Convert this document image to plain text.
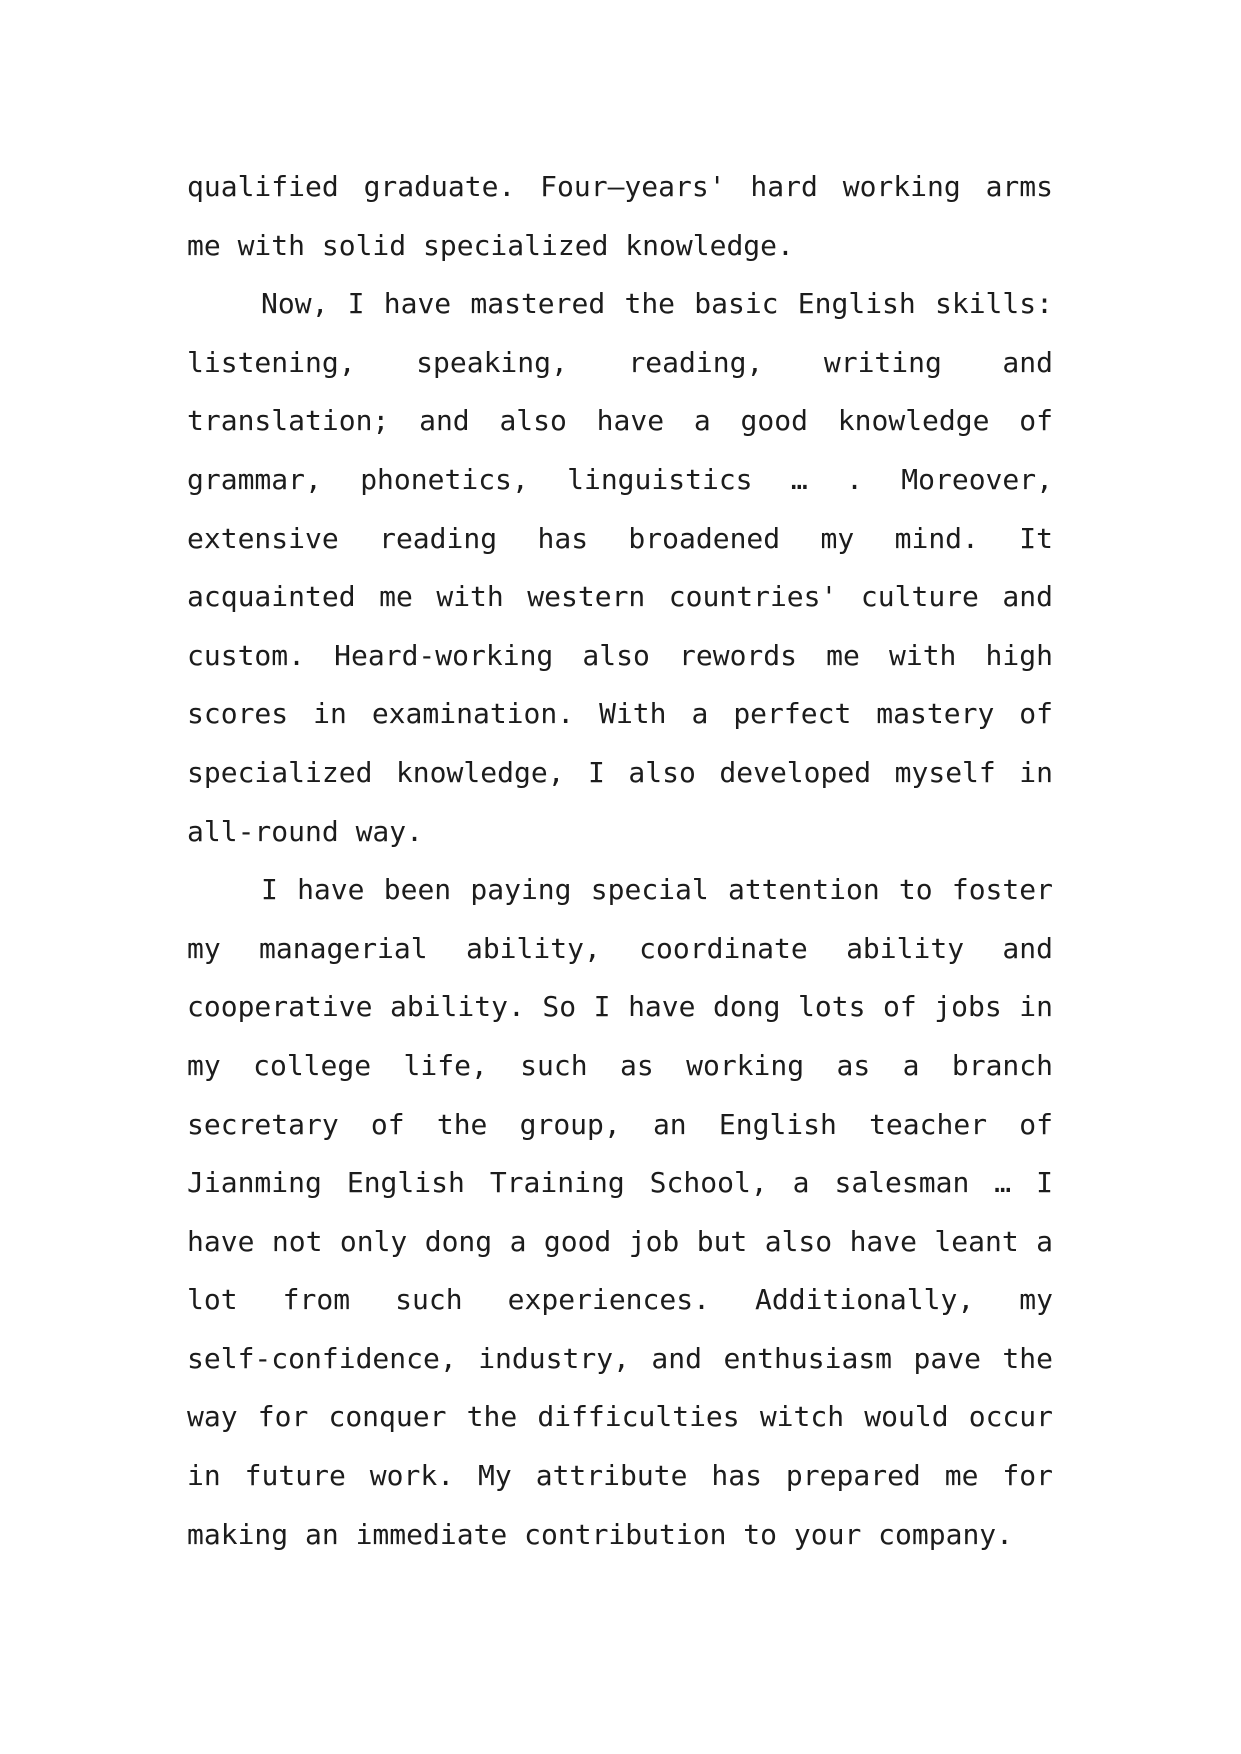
qualified graduate. Four—years' hard working arms
me with solid specialized knowledge.
Now, I have mastered the basic English skills:
listening, speaking, reading, writing and
translation; and also have a good knowledge of
grammar, phonetics, linguistics … . Moreover,
extensive reading has broadened my mind. It
acquainted me with western countries' culture and
custom. Heard-working also rewords me with high
scores in examination. With a perfect mastery of
specialized knowledge, I also developed myself in
all-round way.
I have been paying special attention to foster
my managerial ability, coordinate ability and
cooperative ability. So I have dong lots of jobs in
my college life, such as working as a branch
secretary of the group, an English teacher of
Jianming English Training School, a salesman … I
have not only dong a good job but also have leant a
lot from such experiences. Additionally, my
self-confidence, industry, and enthusiasm pave the
way for conquer the difficulties witch would occur
in future work. My attribute has prepared me for
making an immediate contribution to your company.
